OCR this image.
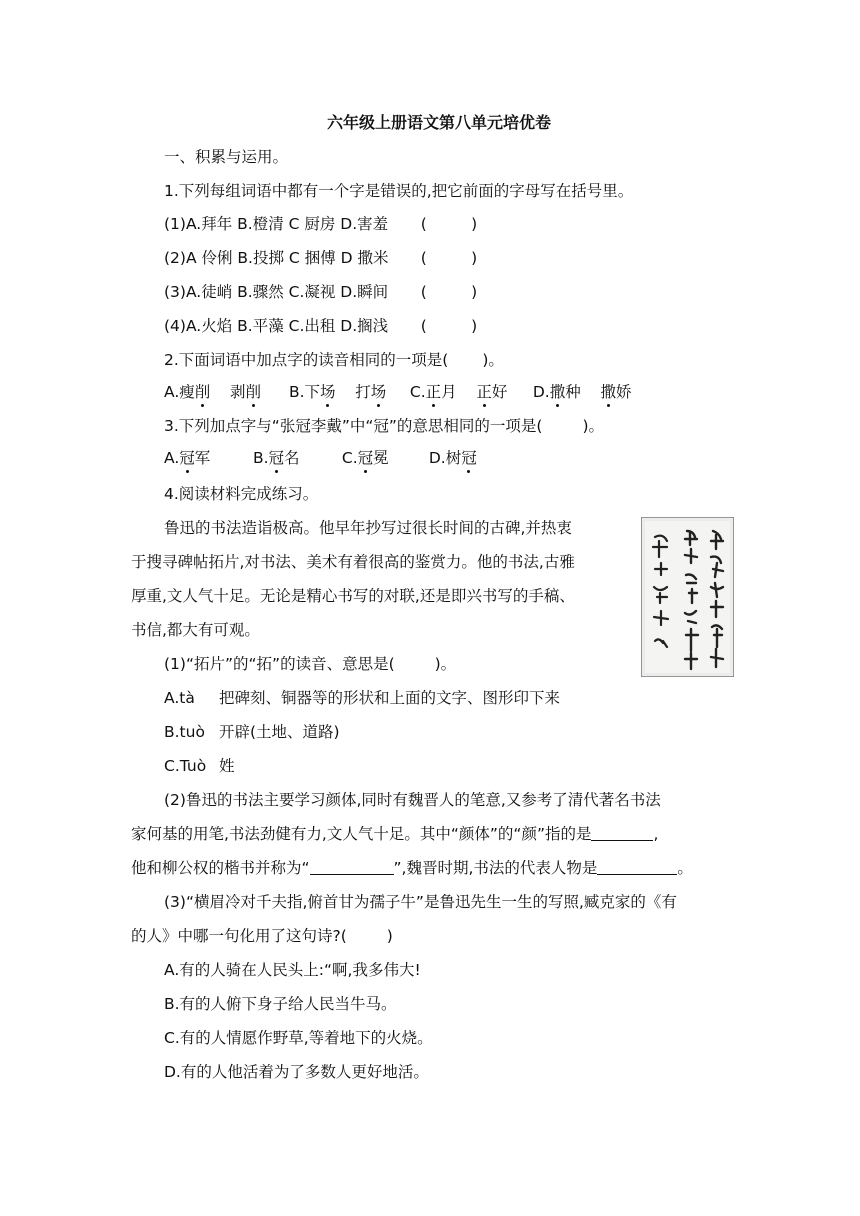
六年级上册语文第八单元培优卷
一、积累与运用。
1.下列每组词语中都有一个字是错误的,把它前面的字母写在括号里。
(1)A.拜年 B.橙清 C 厨房 D.害羞 (         )
(2)A 伶俐 B.投掷 C 捆傅 D 撒米 (         )
(3)A.徒峭 B.骤然 C.凝视 D.瞬间 (         )
(4)A.火焰 B.平藻 C.出租 D.搁浅 (         )
2.下面词语中加点字的读音相同的一项是( )。
A.瘦削 剥削 B.下场 打场 C.正月 正好 D.撒种 撒娇
3.下列加点字与“张冠李戴”中“冠”的意思相同的一项是(	)。
A.冠军	B.冠名	C.冠冕	D.树冠
4.阅读材料完成练习。
鲁迅的书法造诣极高。他早年抄写过很长时间的古碑,并热衷
于搜寻碑帖拓片,对书法、美术有着很高的鉴赏力。他的书法,古雅
厚重,文人气十足。无论是精心书写的对联,还是即兴书写的手稿、
书信,都大有可观。
(1)“拓片”的“拓”的读音、意思是(	)。
A.tà 把碑刻、铜器等的形状和上面的文字、图形印下来
B.tuò 开辟(土地、道路)
C.Tuò 姓
(2)鲁迅的书法主要学习颜体,同时有魏晋人的笔意,又参考了清代著名书法
家何基的用笔,书法劲健有力,文人气十足。其中“颜体”的“颜”指的是	,
他和柳公权的楷书并称为“	”,魏晋时期,书法的代表人物是	。
(3)“横眉冷对千夫指,俯首甘为孺子牛”是鲁迅先生一生的写照,臧克家的《有
的人》中哪一句化用了这句诗?(	)
A.有的人骑在人民头上:“啊,我多伟大!
B.有的人俯下身子给人民当牛马。
C.有的人情愿作野草,等着地下的火烧。
D.有的人他活着为了多数人更好地活。
